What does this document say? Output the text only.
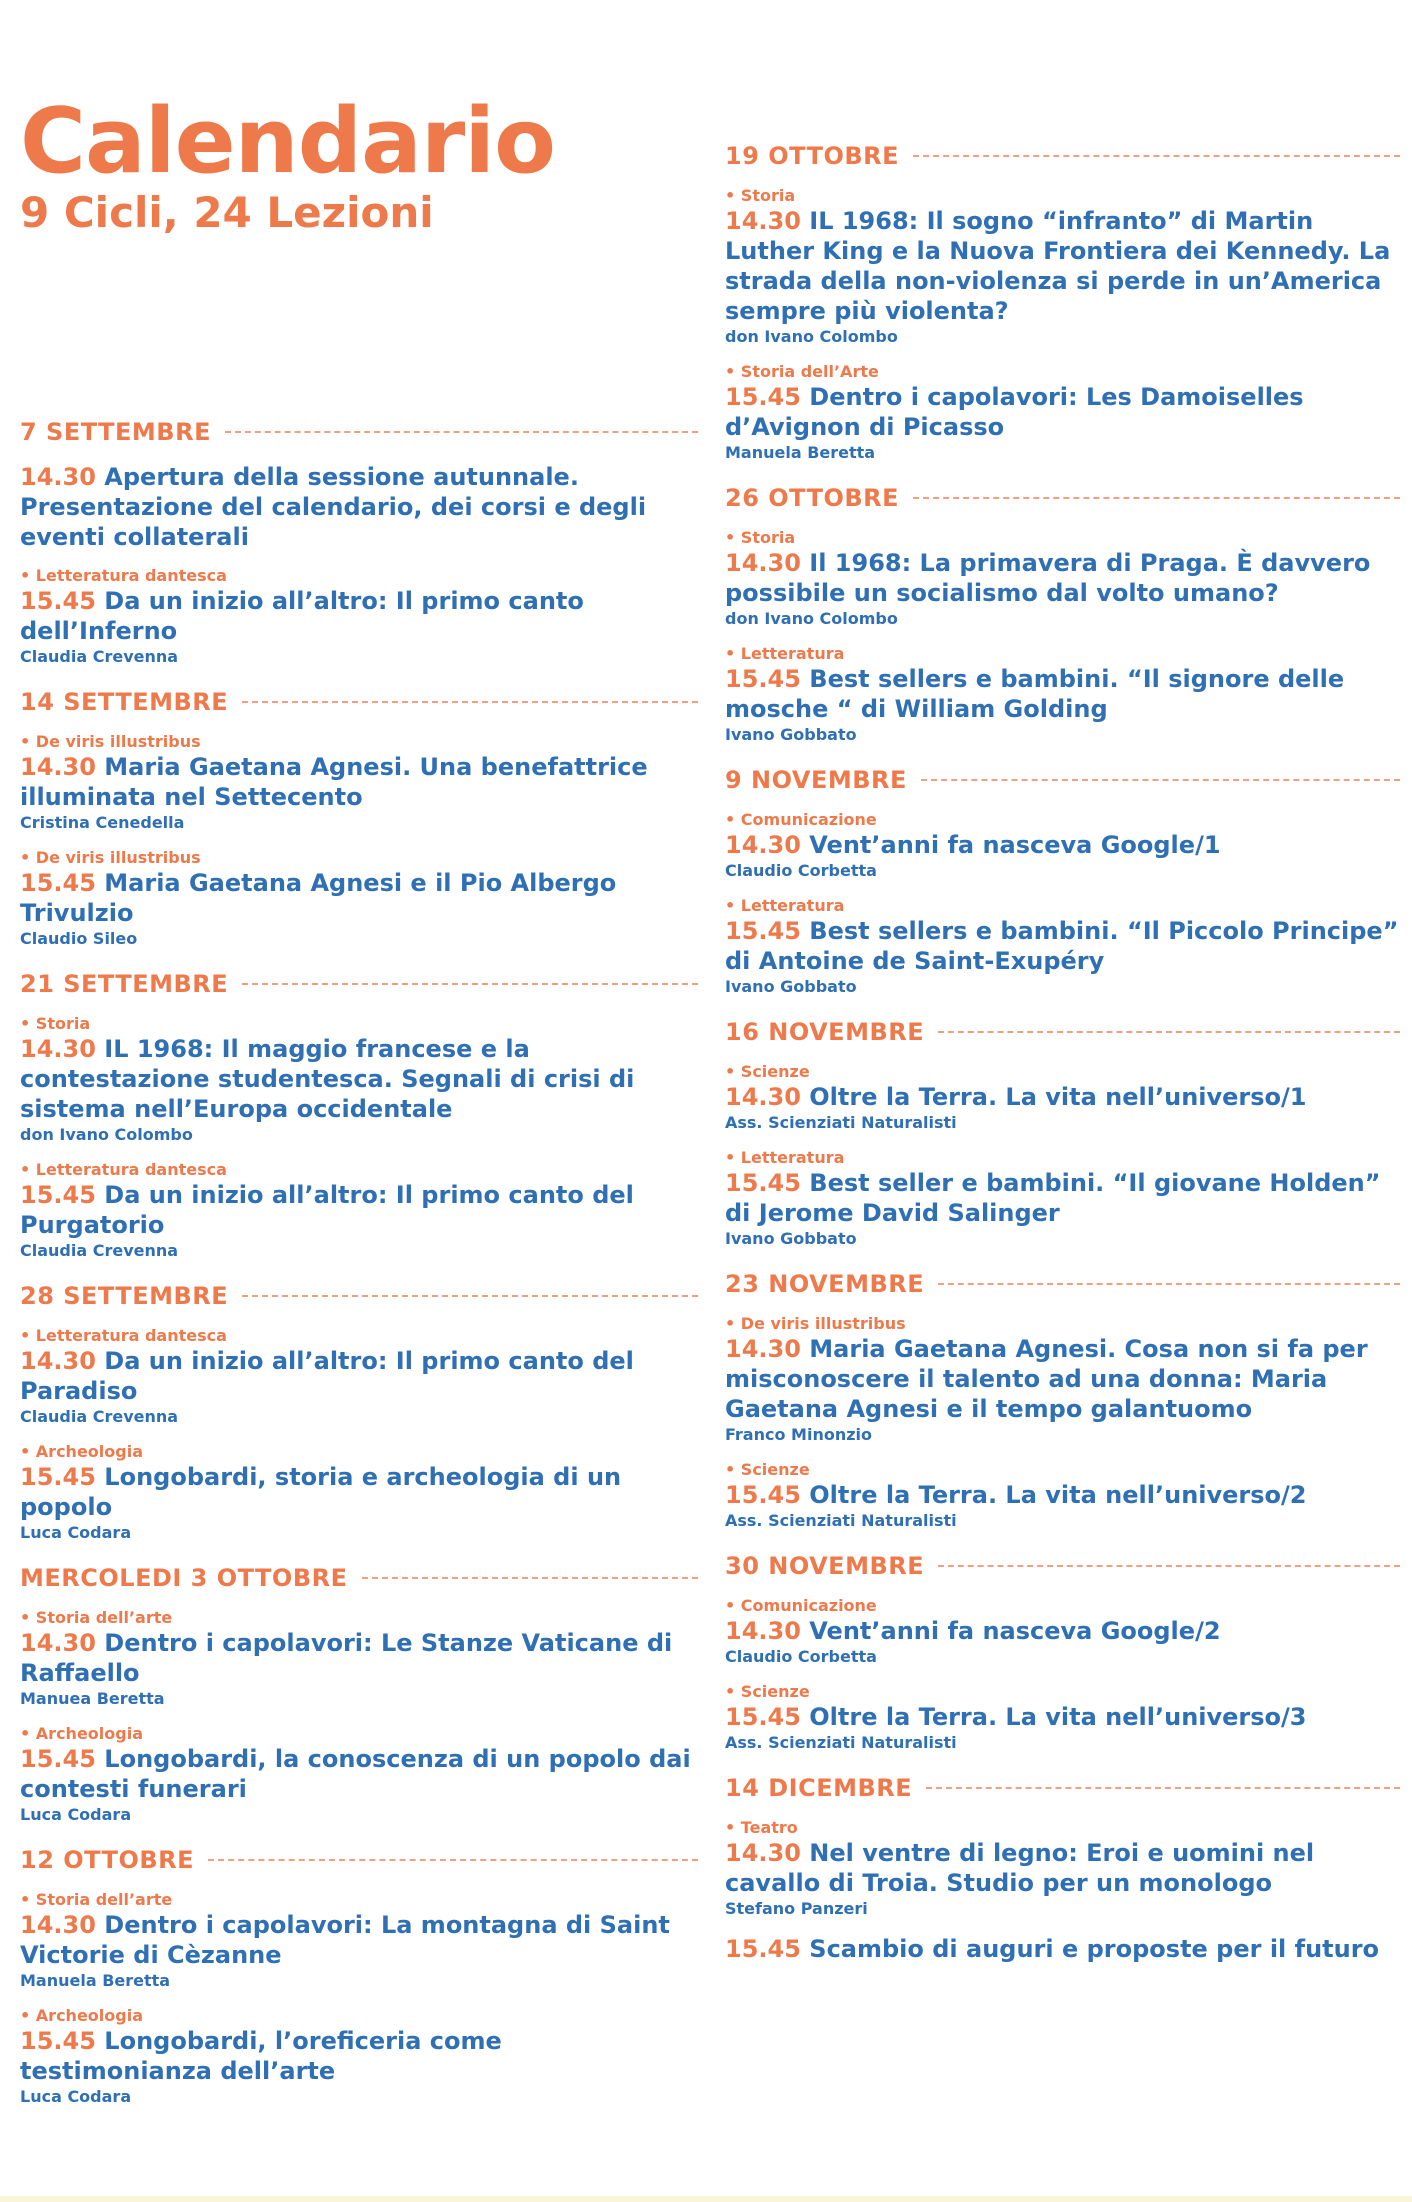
Calendario
9 Cicli, 24 Lezioni
7 SETTEMBRE
14.30 Apertura della sessione autunnale. Presentazione del calendario, dei corsi e degli eventi collaterali
• Letteratura dantesca
15.45 Da un inizio all’altro: Il primo canto dell’Inferno
Claudia Crevenna
14 SETTEMBRE
• De viris illustribus
14.30 Maria Gaetana Agnesi. Una benefattrice illuminata nel Settecento
Cristina Cenedella
• De viris illustribus
15.45 Maria Gaetana Agnesi e il Pio Albergo Trivulzio
Claudio Sileo
21 SETTEMBRE
• Storia
14.30 IL 1968: Il maggio francese e la contestazione studentesca. Segnali di crisi di sistema nell’Europa occidentale
don Ivano Colombo
• Letteratura dantesca
15.45 Da un inizio all’altro: Il primo canto del Purgatorio
Claudia Crevenna
28 SETTEMBRE
• Letteratura dantesca
14.30 Da un inizio all’altro: Il primo canto del Paradiso
Claudia Crevenna
• Archeologia
15.45 Longobardi, storia e archeologia di un popolo
Luca Codara
MERCOLEDI 3 OTTOBRE
• Storia dell’arte
14.30 Dentro i capolavori: Le Stanze Vaticane di Raffaello
Manuea Beretta
• Archeologia
15.45 Longobardi, la conoscenza di un popolo dai contesti funerari
Luca Codara
12 OTTOBRE
• Storia dell’arte
14.30 Dentro i capolavori: La montagna di Saint Victorie di Cèzanne
Manuela Beretta
• Archeologia
15.45 Longobardi, l’oreficeria come testimonianza dell’arte
Luca Codara
19 OTTOBRE
• Storia
14.30 IL 1968: Il sogno “infranto” di Martin Luther King e la Nuova Frontiera dei Kennedy. La strada della non-violenza si perde in un’America sempre più violenta?
don Ivano Colombo
• Storia dell’Arte
15.45 Dentro i capolavori: Les Damoiselles d’Avignon di Picasso
Manuela Beretta
26 OTTOBRE
• Storia
14.30 Il 1968: La primavera di Praga. È davvero possibile un socialismo dal volto umano?
don Ivano Colombo
• Letteratura
15.45 Best sellers e bambini. “Il signore delle mosche “ di William Golding
Ivano Gobbato
9 NOVEMBRE
• Comunicazione
14.30 Vent’anni fa nasceva Google/1
Claudio Corbetta
• Letteratura
15.45 Best sellers e bambini. “Il Piccolo Principe” di Antoine de Saint-Exupéry
Ivano Gobbato
16 NOVEMBRE
• Scienze
14.30 Oltre la Terra. La vita nell’universo/1
Ass. Scienziati Naturalisti
• Letteratura
15.45 Best seller e bambini. “Il giovane Holden” di Jerome David Salinger
Ivano Gobbato
23 NOVEMBRE
• De viris illustribus
14.30 Maria Gaetana Agnesi. Cosa non si fa per misconoscere il talento ad una donna: Maria Gaetana Agnesi e il tempo galantuomo
Franco Minonzio
• Scienze
15.45 Oltre la Terra. La vita nell’universo/2
Ass. Scienziati Naturalisti
30 NOVEMBRE
• Comunicazione
14.30 Vent’anni fa nasceva Google/2
Claudio Corbetta
• Scienze
15.45 Oltre la Terra. La vita nell’universo/3
Ass. Scienziati Naturalisti
14 DICEMBRE
• Teatro
14.30 Nel ventre di legno: Eroi e uomini nel cavallo di Troia. Studio per un monologo
Stefano Panzeri
15.45 Scambio di auguri e proposte per il futuro
